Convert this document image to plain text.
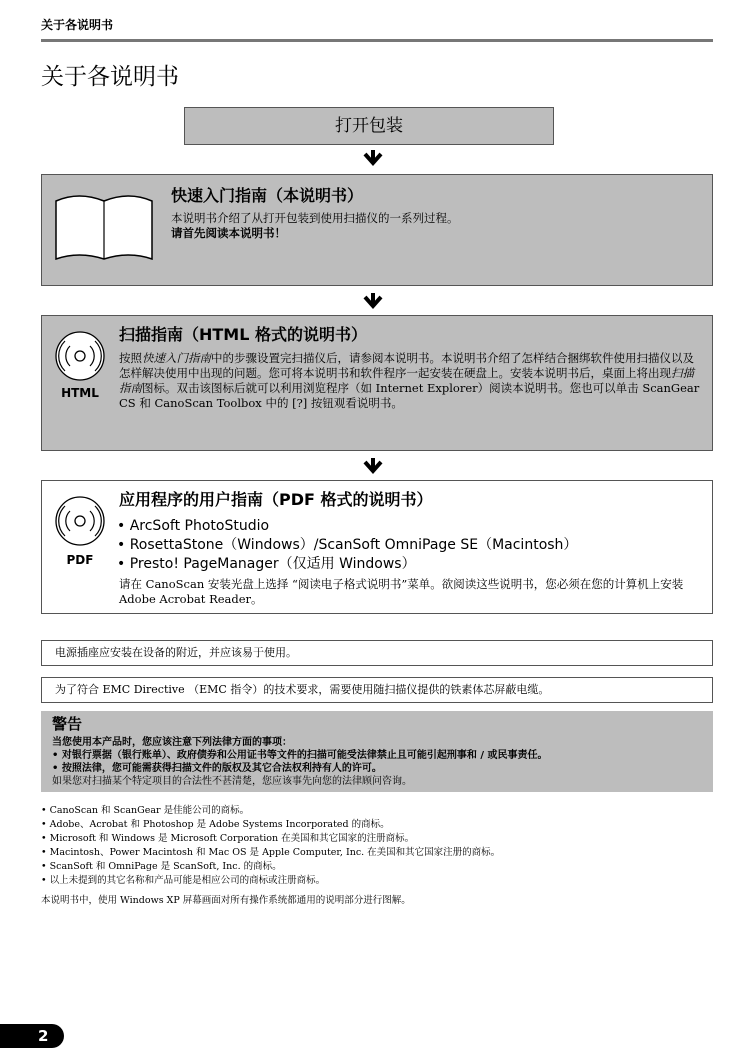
关于各说明书
关于各说明书
打开包装
快速入门指南（本说明书）
本说明书介绍了从打开包装到使用扫描仪的一系列过程。
请首先阅读本说明书！
HTML
扫描指南（HTML 格式的说明书）
按照快速入门指南中的步骤设置完扫描仪后，请参阅本说明书。本说明书介绍了怎样结合捆绑软件使用扫描仪以及怎样解决使用中出现的问题。您可将本说明书和软件程序一起安装在硬盘上。安装本说明书后，桌面上将出现扫描指南图标。双击该图标后就可以利用浏览程序（如 Internet Explorer）阅读本说明书。您也可以单击 ScanGear CS 和 CanoScan Toolbox 中的 [?] 按钮观看说明书。
PDF
应用程序的用户指南（PDF 格式的说明书）
• ArcSoft PhotoStudio
• RosettaStone（Windows）/ScanSoft OmniPage SE（Macintosh）
• Presto! PageManager（仅适用 Windows）
请在 CanoScan 安装光盘上选择 “阅读电子格式说明书”菜单。欲阅读这些说明书，您必须在您的计算机上安装 Adobe Acrobat Reader。
电源插座应安装在设备的附近，并应该易于使用。
为了符合 EMC Directive （EMC 指令）的技术要求，需要使用随扫描仪提供的铁素体芯屏蔽电缆。
警告
当您使用本产品时，您应该注意下列法律方面的事项：
• 对银行票据（银行账单）、政府债券和公用证书等文件的扫描可能受法律禁止且可能引起刑事和 / 或民事责任。
• 按照法律，您可能需获得扫描文件的版权及其它合法权利持有人的许可。
如果您对扫描某个特定项目的合法性不甚清楚，您应该事先向您的法律顾问咨询。
• CanoScan 和 ScanGear 是佳能公司的商标。
• Adobe、Acrobat 和 Photoshop 是 Adobe Systems Incorporated 的商标。
• Microsoft 和 Windows 是 Microsoft Corporation 在美国和其它国家的注册商标。
• Macintosh、Power Macintosh 和 Mac OS 是 Apple Computer, Inc. 在美国和其它国家注册的商标。
• ScanSoft 和 OmniPage 是 ScanSoft, Inc. 的商标。
• 以上未提到的其它名称和产品可能是相应公司的商标或注册商标。
本说明书中，使用 Windows XP 屏幕画面对所有操作系统都通用的说明部分进行图解。
2
